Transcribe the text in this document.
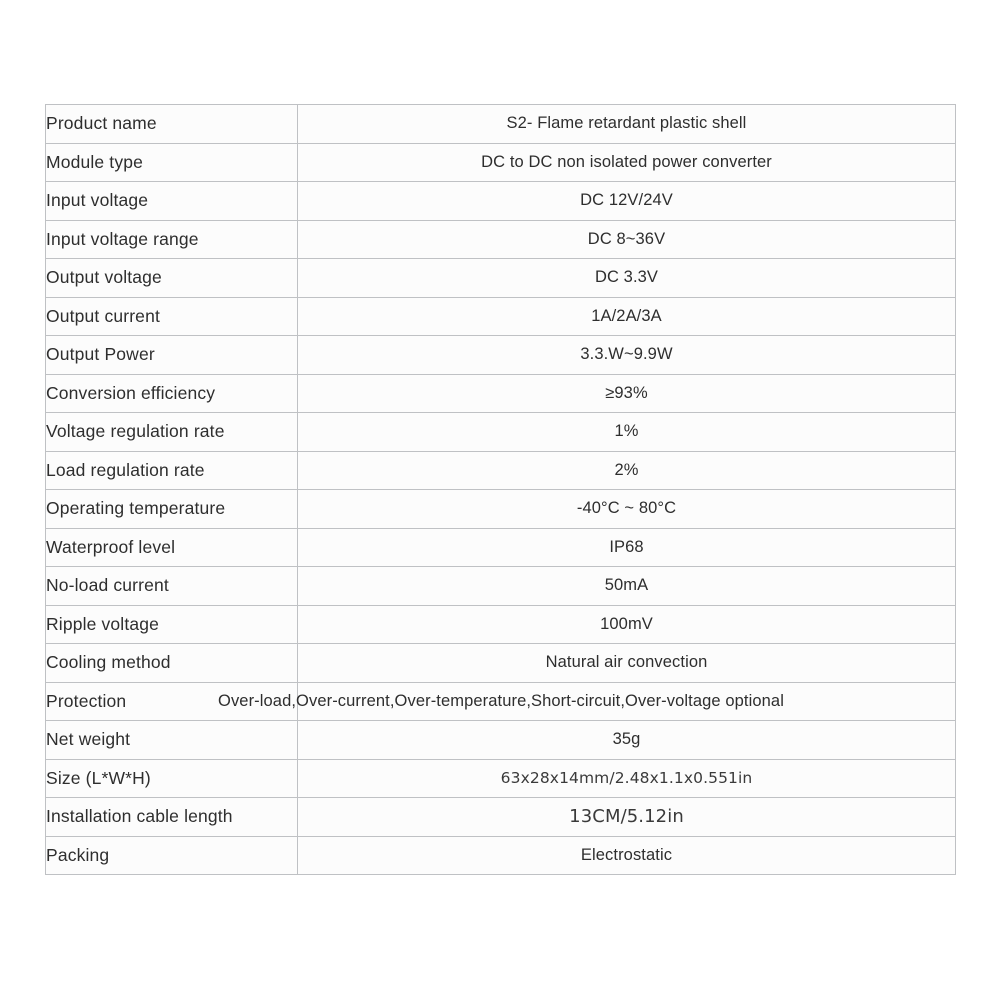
Product name	S2- Flame retardant plastic shell
Module type	DC to DC non isolated power converter
Input voltage	DC 12V/24V
Input voltage range	DC 8~36V
Output voltage	DC 3.3V
Output current	1A/2A/3A
Output Power	3.3.W~9.9W
Conversion efficiency	≥93%
Voltage regulation rate	1%
Load regulation rate	2%
Operating temperature	-40°C ~ 80°C
Waterproof level	IP68
No-load current	50mA
Ripple voltage	100mV
Cooling method	Natural air convection
Protection	Over-load,Over-current,Over-temperature,Short-circuit,Over-voltage optional

Net weight	35g
Size (L*W*H)	63x28x14mm/2.48x1.1x0.551in
Installation cable length	13CM/5.12in
Packing	Electrostatic
